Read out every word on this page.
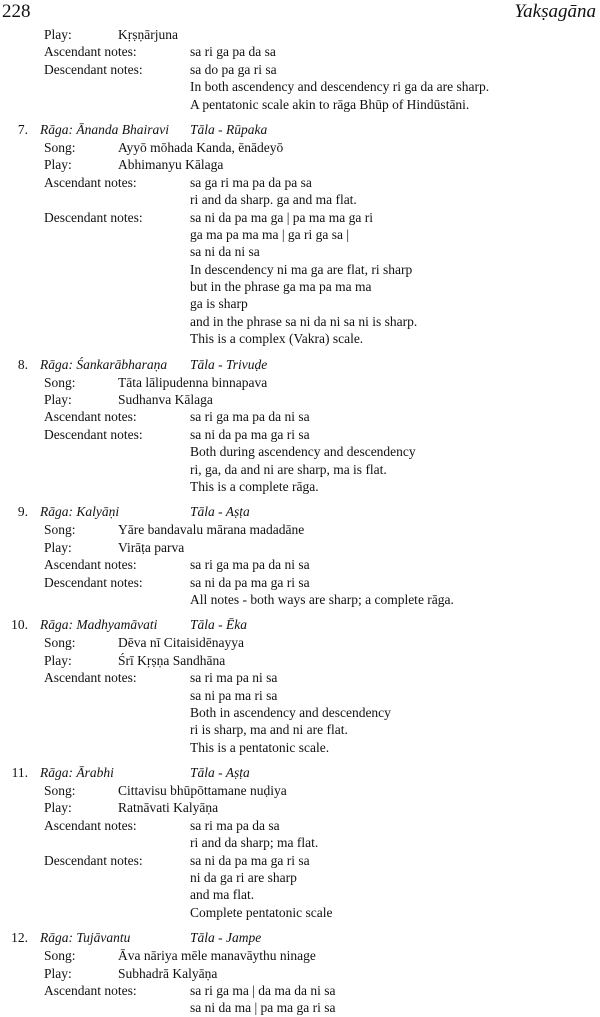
228	Yakṣagāna
Play:	Kṛṣṇārjuna
Ascendant notes:	sa ri ga pa da sa
Descendant notes:	sa do pa ga ri sa
In both ascendency and descendency ri ga da are sharp.
A pentatonic scale akin to rāga Bhūp of Hindūstāni.
7. Rāga: Ānanda Bhairavi Tāla - Rūpaka
Song:	Ayyō mōhada Kanda, ēnādeyō
Play:	Abhimanyu Kālaga
Ascendant notes:	sa ga ri ma pa da pa sa
ri and da sharp. ga and ma flat.
Descendant notes:	sa ni da pa ma ga | pa ma ma ga ri
ga ma pa ma ma | ga ri ga sa |
sa ni da ni sa
In descendency ni ma ga are flat, ri sharp
but in the phrase ga ma pa ma ma
ga is sharp
and in the phrase sa ni da ni sa ni is sharp.
This is a complex (Vakra) scale.
8. Rāga: Śankarābharaṇa Tāla - Trivuḍe
Song:	Tāta lālipudenna binnapava
Play:	Sudhanva Kālaga
Ascendant notes:	sa ri ga ma pa da ni sa
Descendant notes:	sa ni da pa ma ga ri sa
Both during ascendency and descendency
ri, ga, da and ni are sharp, ma is flat.
This is a complete rāga.
9. Rāga: Kalyāṇi	Tāla - Aṣṭa
Song:	Yāre bandavalu mārana madadāne
Play:	Virāṭa parva
Ascendant notes:	sa ri ga ma pa da ni sa
Descendant notes:	sa ni da pa ma ga ri sa
All notes - both ways are sharp; a complete rāga.
10. Rāga: Madhyamāvati Tāla - Ēka
Song:	Dēva nī Citaisidēnayya
Play:	Śrī Kṛṣṇa Sandhāna
Ascendant notes:	sa ri ma pa ni sa
sa ni pa ma ri sa
Both in ascendency and descendency
ri is sharp, ma and ni are flat.
This is a pentatonic scale.
11. Rāga: Ārabhi	Tāla - Aṣṭa
Song:	Cittavisu bhūpōttamane nuḍiya
Play:	Ratnāvati Kalyāṇa
Ascendant notes:	sa ri ma pa da sa
ri and da sharp; ma flat.
Descendant notes:	sa ni da pa ma ga ri sa
ni da ga ri are sharp
and ma flat.
Complete pentatonic scale
12. Rāga: Tujāvantu	Tāla - Jampe
Song:	Āva nāriya mēle manavāythu ninage
Play:	Subhadrā Kalyāṇa
Ascendant notes:	sa ri ga ma | da ma da ni sa
sa ni da ma | pa ma ga ri sa
